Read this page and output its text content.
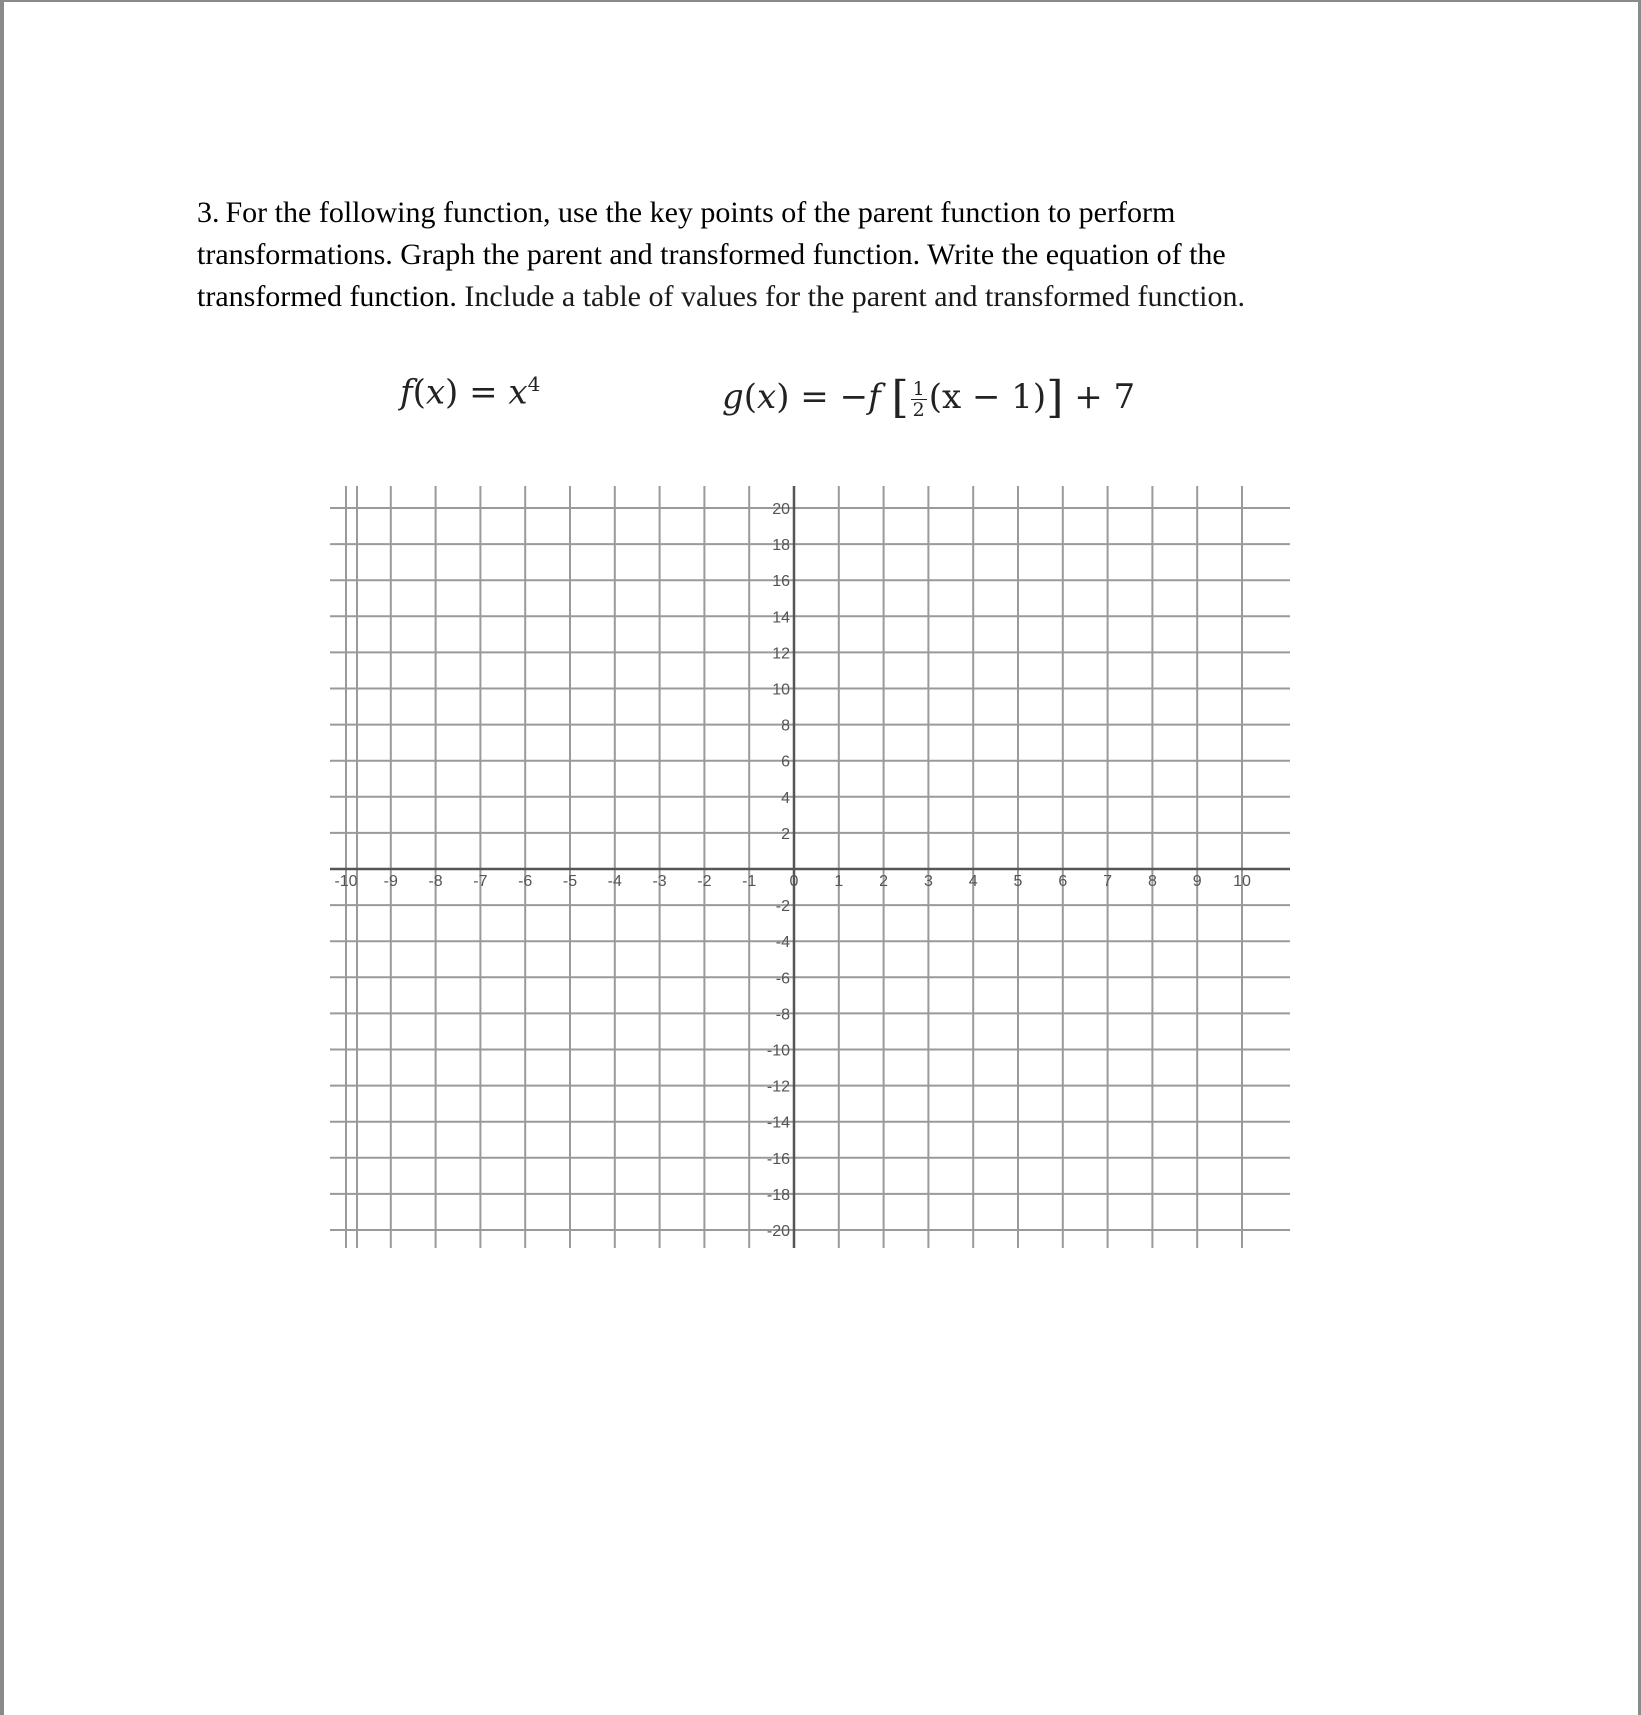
3. For the following function, use the key points of the parent function to perform transformations. Graph the parent and transformed function. Write the equation of the transformed function. Include a table of values for the parent and transformed function.
$f(x) = x^4$	g(x) = −f [ $\frac{1}{2} (x - 1)] + 7$
-10 -9 -8 -7 -6 -5 -4 -3 -2 -1 0 1 2 3 4 5 6 7 8 9 10
20
18
16
14
12
10
8
6
4
2
-2
-4
-6
-8
-10
-12
-14
-16
-18
-20
